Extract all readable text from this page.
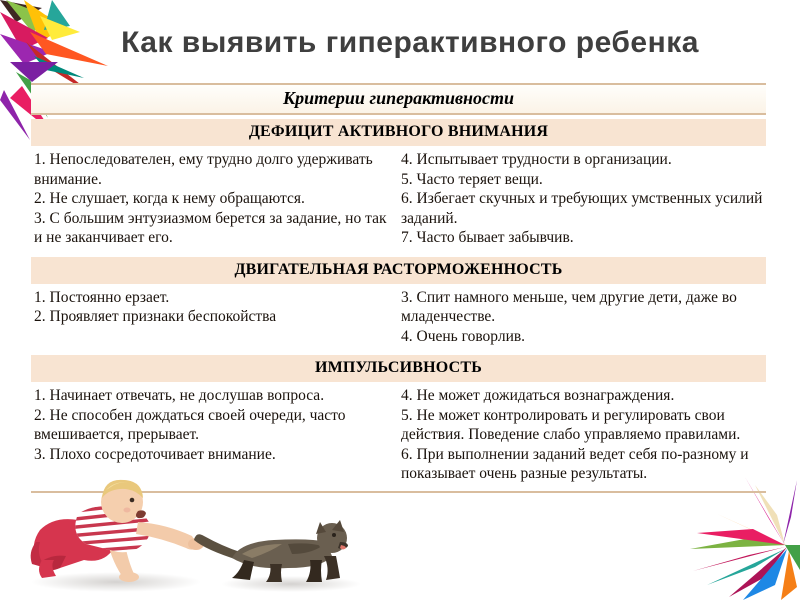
Как выявить гиперактивного ребенка
Критерии гиперактивности
ДЕФИЦИТ АКТИВНОГО ВНИМАНИЯ
1. Непоследователен, ему трудно долго удерживать внимание.
2. Не слушает, когда к нему обращаются.
3. С большим энтузиазмом берется за задание, но так и не заканчивает его.
4. Испытывает трудности в организации.
5. Часто теряет вещи.
6. Избегает скучных и требующих умственных усилий заданий.
7. Часто бывает забывчив.
ДВИГАТЕЛЬНАЯ РАСТОРМОЖЕННОСТЬ
1. Постоянно ерзает.
2. Проявляет признаки беспокойства
3. Спит намного меньше, чем другие дети, даже во младенчестве.
4. Очень говорлив.
ИМПУЛЬСИВНОСТЬ
1. Начинает отвечать, не дослушав вопроса.
2. Не способен дождаться своей очереди, часто вмешивается, прерывает.
3. Плохо сосредоточивает внимание.
4. Не может дожидаться вознаграждения.
5. Не может контролировать и регулировать свои действия. Поведение слабо управляемо правилами.
6. При выполнении заданий ведет себя по-разному и показывает очень разные результаты.
